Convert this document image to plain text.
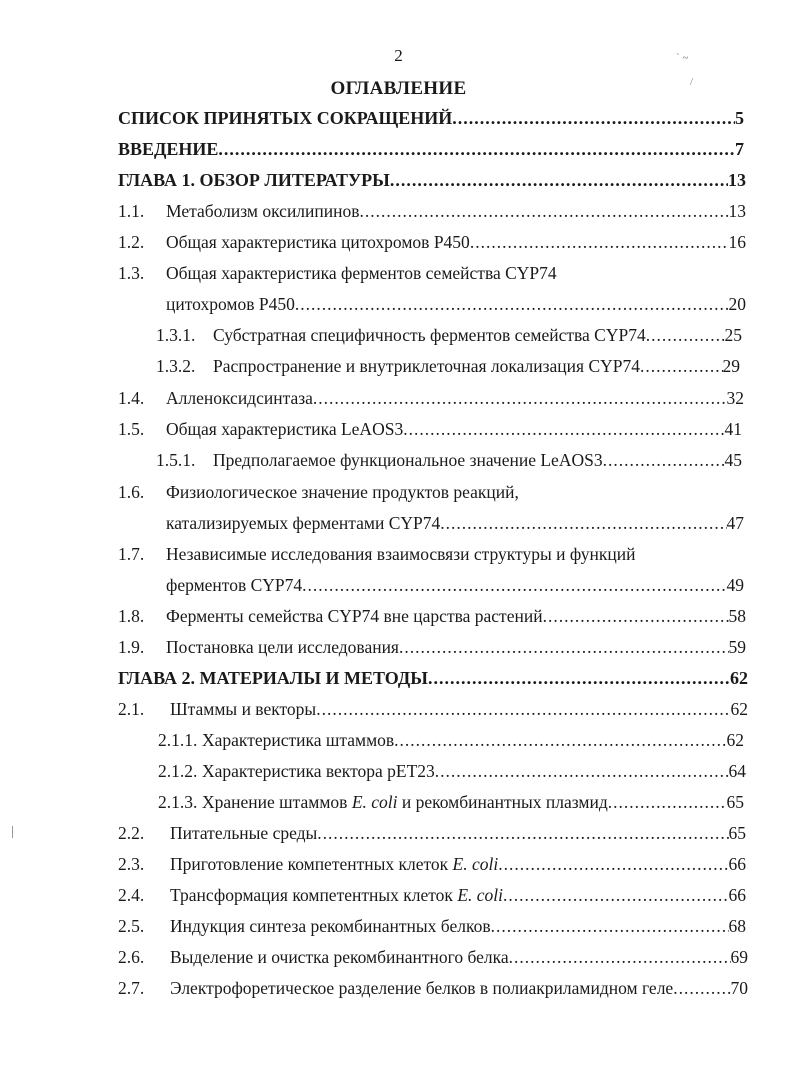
2
ОГЛАВЛЕНИЕ
` ~
/
СПИСОК ПРИНЯТЫХ СОКРАЩЕНИЙ .....	5
ВВЕДЕНИЕ .....	7
ГЛАВА 1. ОБЗОР ЛИТЕРАТУРЫ .....	13
1.1.	Метаболизм оксилипинов .....	13
1.2.	Общая характеристика цитохромов Р450 .....	16
1.3.	Общая характеристика ферментов семейства CYP74
цитохромов Р450 .....	20
1.3.1.	Субстратная специфичность ферментов семейства CYP74 .....	25
1.3.2.	Распространение и внутриклеточная локализация CYP74 .....	29
1.4.	Алленоксидсинтаза .....	32
1.5.	Общая характеристика LeAOS3 .....	41
1.5.1.	Предполагаемое функциональное значение LeAOS3 .....	45
1.6.	Физиологическое значение продуктов реакций,
катализируемых ферментами CYP74 .....	47
1.7.	Независимые исследования взаимосвязи структуры и функций
ферментов CYP74 .....	49
1.8.	Ферменты семейства CYP74 вне царства растений .....	58
1.9.	Постановка цели исследования .....	59
ГЛАВА 2. МАТЕРИАЛЫ И МЕТОДЫ .....	62
2.1.	Штаммы и векторы .....	62
2.1.1. Характеристика штаммов .....	62
2.1.2. Характеристика вектора pET23 .....	64
2.1.3. Хранение штаммов E. coli и рекомбинантных плазмид .....	65
2.2.	Питательные среды .....	65
2.3.	Приготовление компетентных клеток E. coli .....	66
2.4.	Трансформация компетентных клеток E. coli .....	66
2.5.	Индукция синтеза рекомбинантных белков .....	68
2.6.	Выделение и очистка рекомбинантного белка .....	69
2.7.	Электрофоретическое разделение белков в полиакриламидном геле .....	70
